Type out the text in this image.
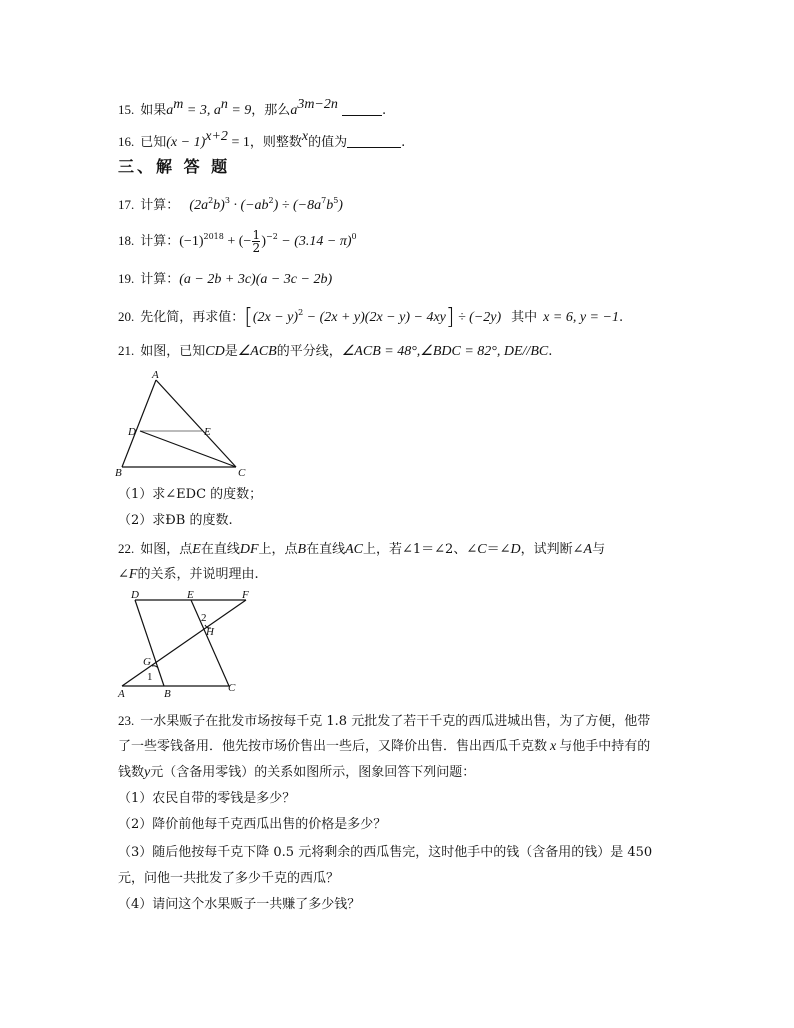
15. 如果$a^m = 3$, $a^n = 9$，那么$a^{3m-2n}$	.
16. 已知$(x - 1)^{x+2} = 1$，则整数$^x$的值为	.
三、解 答 题
17. 计算： $(2a^2b)^3 \cdot (-ab^2) \div (-8a^7b^5)$
18. 计算：$(-1)^{2018}$ + (− $\frac{1}{2} )^{-2} - (3.14 - \pi)^0$
19. 计算：(a − 2b + 3c)(a − 3c − 2b)
20. 先化简，再求值：$[(2x - y)^2 - (2x + y)(2x - y) - 4xy] \div (-2y)$ 其中 x = 6, y = −1.
21. 如图，已知CD是∠ACB的平分线，∠ACB = 48°,∠BDC = 82°, DE//BC.
A
D	E
B	C
（1）求∠EDC 的度数；
（2）求ÐB 的度数.
22. 如图，点E在直线DF上，点B在直线AC上，若∠1＝∠2、∠C＝∠D，试判断∠A与
∠F的关系，并说明理由.
D	E	F
2
H
G
1
A	B	C
23. 一水果贩子在批发市场按每千克 1.8 元批发了若干千克的西瓜进城出售，为了方便，他带
了一些零钱备用．他先按市场价售出一些后，又降价出售．售出西瓜千克数 x 与他手中持有的
钱数y元（含备用零钱）的关系如图所示，图象回答下列问题：
（1）农民自带的零钱是多少？
（2）降价前他每千克西瓜出售的价格是多少？
（3）随后他按每千克下降 0.5 元将剩余的西瓜售完，这时他手中的钱（含备用的钱）是 450
元，问他一共批发了多少千克的西瓜？
（4）请问这个水果贩子一共赚了多少钱？
